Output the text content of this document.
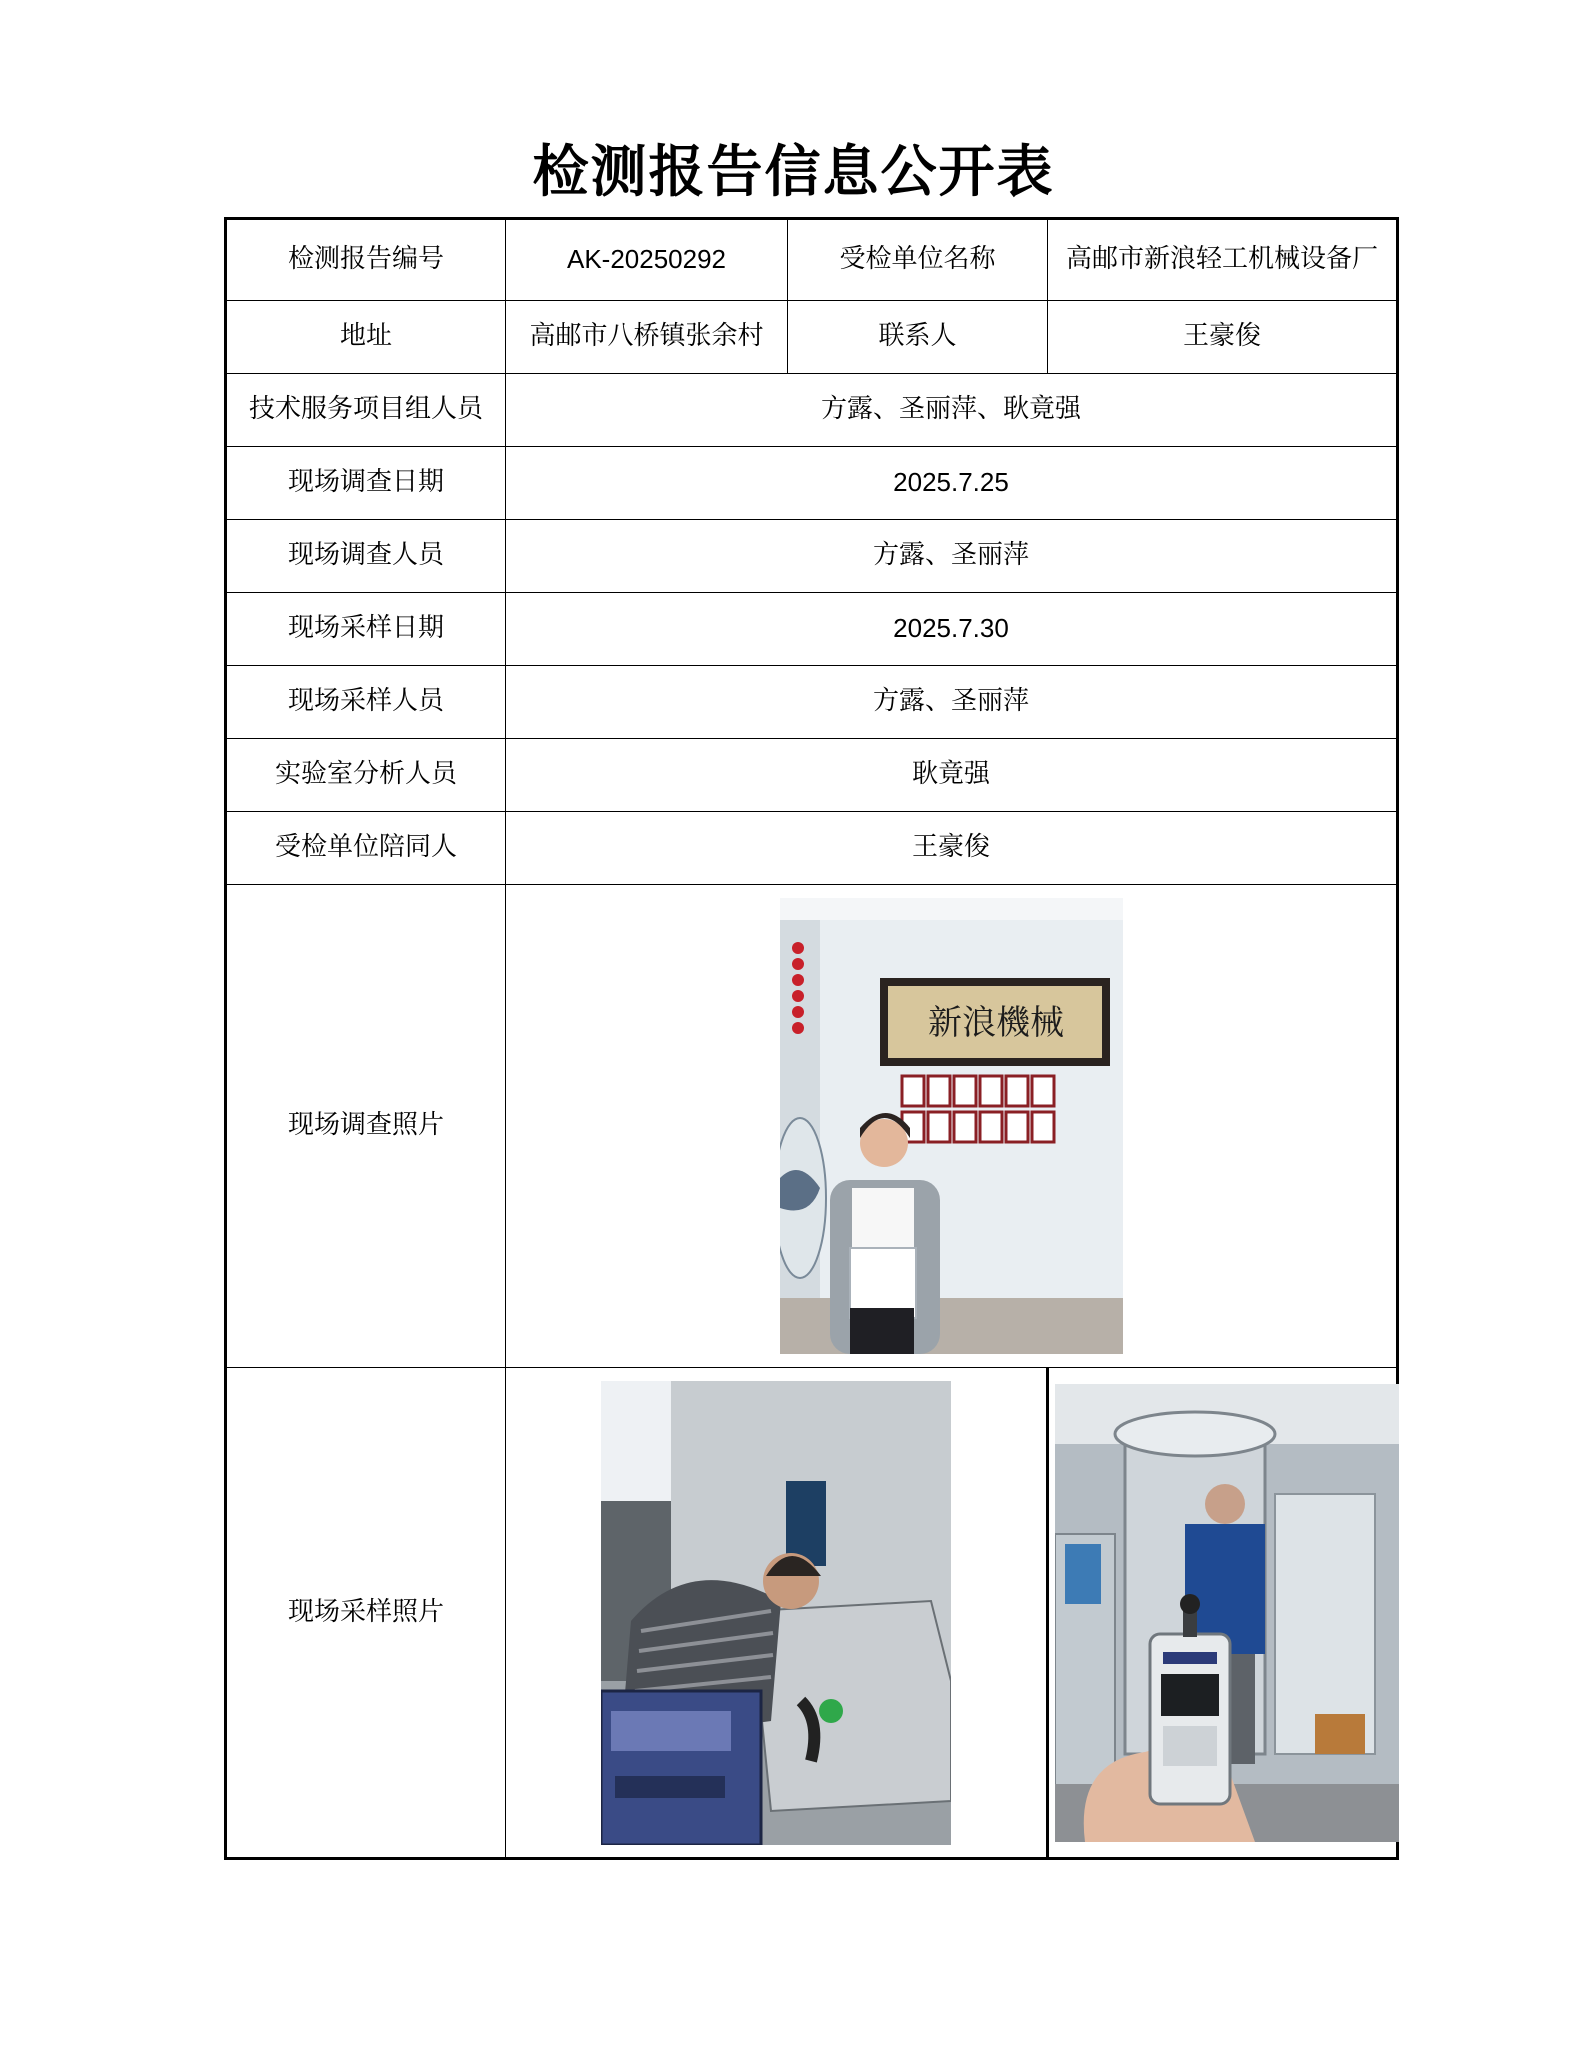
检测报告信息公开表
检测报告编号	AK-20250292	受检单位名称	高邮市新浪轻工机械设备厂
地址	高邮市八桥镇张余村	联系人	王豪俊
技术服务项目组人员	方露、圣丽萍、耿竟强		
现场调查日期	2025.7.25		
现场调查人员	方露、圣丽萍		
现场采样日期	2025.7.30		
现场采样人员	方露、圣丽萍		
实验室分析人员	耿竟强		
受检单位陪同人	王豪俊		
现场调查照片	新浪機械		

现场采样照片	
